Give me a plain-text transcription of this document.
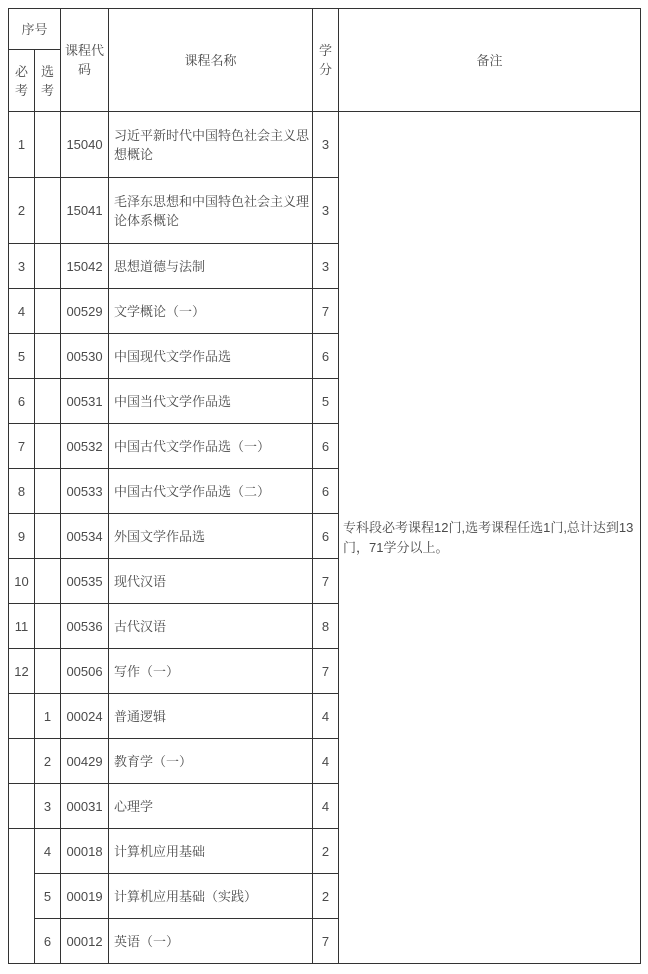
序号		课程代码	课程名称	学分	备注
必考	选考				
1		15040	习近平新时代中国特色社会主义思想概论	3	专科段必考课程12门,选考课程任选1门,总计达到13门，71学分以上。
2		15041	毛泽东思想和中国特色社会主义理论体系概论	3	
3		15042	思想道德与法制	3	
4		00529	文学概论（一）	7	
5		00530	中国现代文学作品选	6	
6		00531	中国当代文学作品选	5	
7		00532	中国古代文学作品选（一）	6	
8		00533	中国古代文学作品选（二）	6	
9		00534	外国文学作品选	6	
10		00535	现代汉语	7	
11		00536	古代汉语	8	
12		00506	写作（一）	7	
	1	00024	普通逻辑	4	
	2	00429	教育学（一）	4	
	3	00031	心理学	4	
	4	00018	计算机应用基础	2	
	5	00019	计算机应用基础（实践）	2	
	6	00012	英语（一）	7	
